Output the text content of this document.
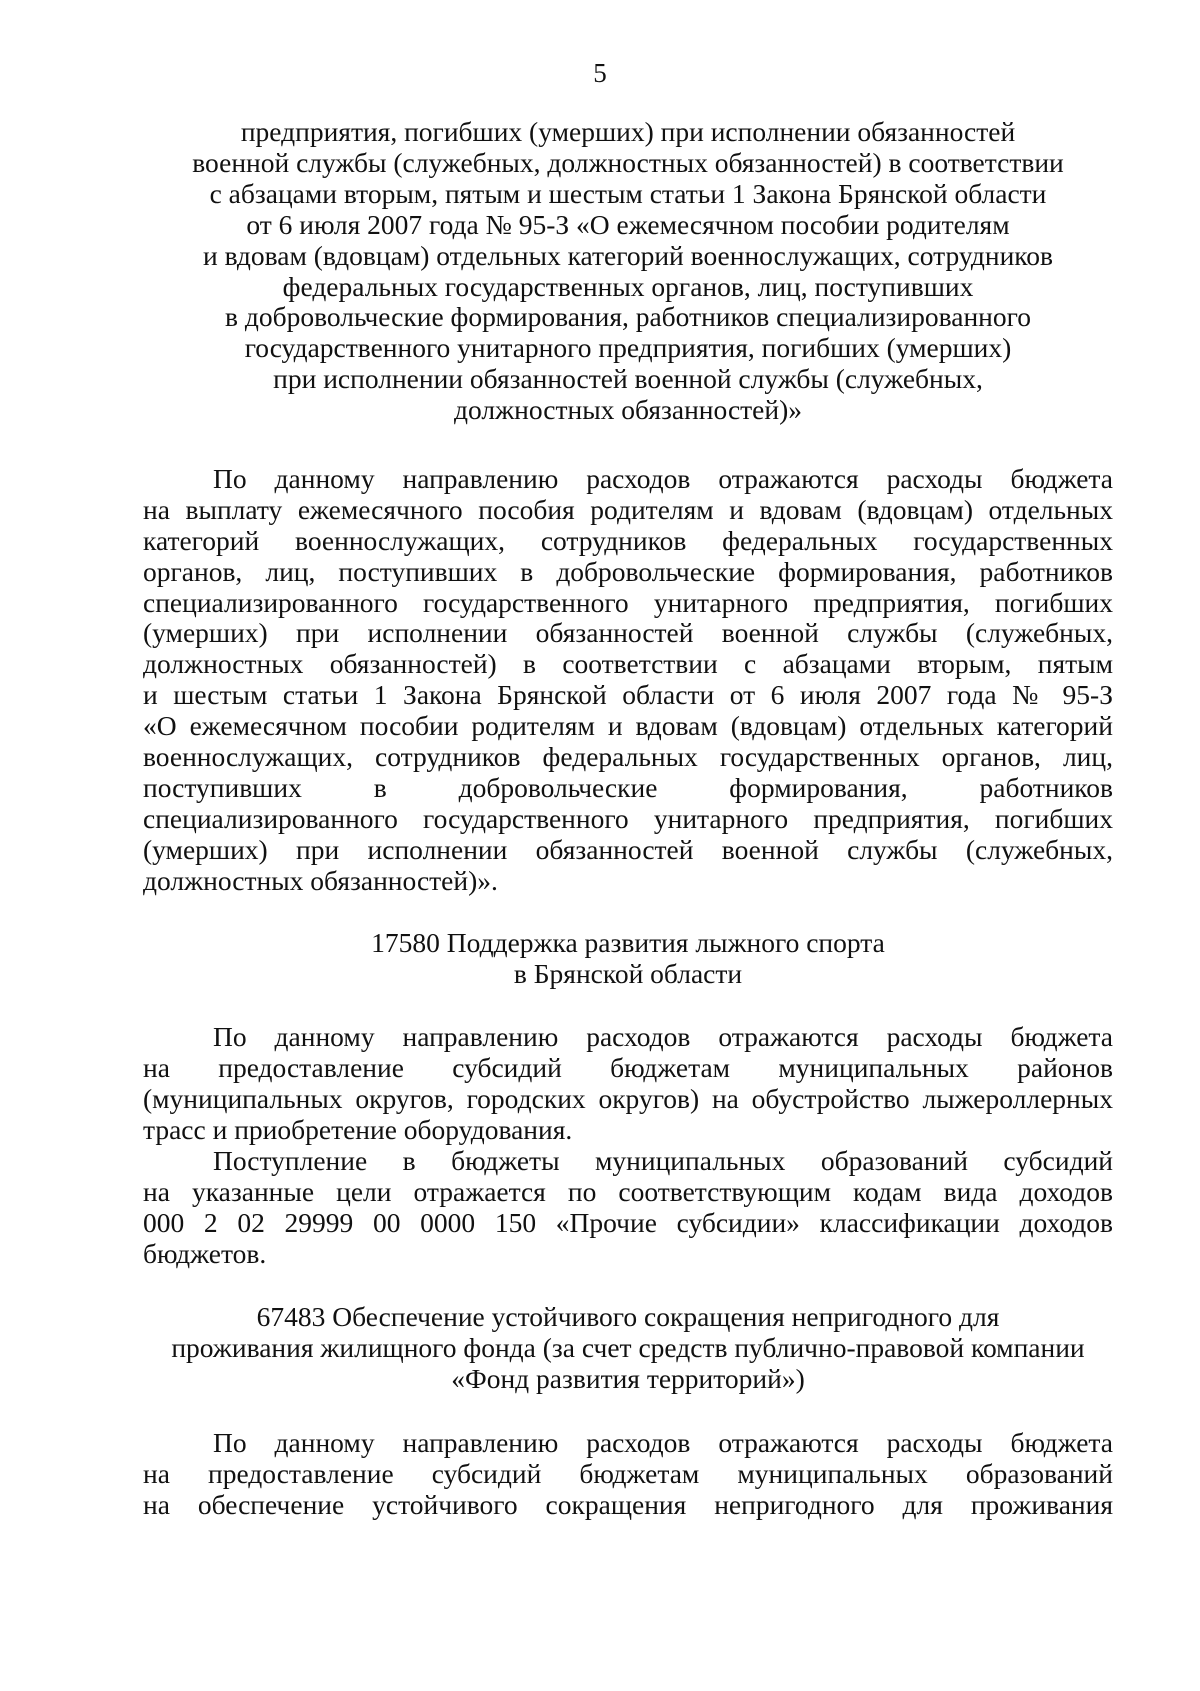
5
предприятия, погибших (умерших) при исполнении обязанностей
военной службы (служебных, должностных обязанностей) в соответствии
с абзацами вторым, пятым и шестым статьи 1 Закона Брянской области
от 6 июля 2007 года № 95-З «О ежемесячном пособии родителям
и вдовам (вдовцам) отдельных категорий военнослужащих, сотрудников
федеральных государственных органов, лиц, поступивших
в добровольческие формирования, работников специализированного
государственного унитарного предприятия, погибших (умерших)
при исполнении обязанностей военной службы (служебных,
должностных обязанностей)»
По данному направлению расходов отражаются расходы бюджета
на выплату ежемесячного пособия родителям и вдовам (вдовцам) отдельных
категорий военнослужащих, сотрудников федеральных государственных
органов, лиц, поступивших в добровольческие формирования, работников
специализированного государственного унитарного предприятия, погибших
(умерших) при исполнении обязанностей военной службы (служебных,
должностных обязанностей) в соответствии с абзацами вторым, пятым
и шестым статьи 1 Закона Брянской области от 6 июля 2007 года № 95-З
«О ежемесячном пособии родителям и вдовам (вдовцам) отдельных категорий
военнослужащих, сотрудников федеральных государственных органов, лиц,
поступивших в добровольческие формирования, работников
специализированного государственного унитарного предприятия, погибших
(умерших) при исполнении обязанностей военной службы (служебных,
должностных обязанностей)».
17580 Поддержка развития лыжного спорта
в Брянской области
По данному направлению расходов отражаются расходы бюджета
на предоставление субсидий бюджетам муниципальных районов
(муниципальных округов, городских округов) на обустройство лыжероллерных
трасс и приобретение оборудования.
Поступление в бюджеты муниципальных образований субсидий
на указанные цели отражается по соответствующим кодам вида доходов
000 2 02 29999 00 0000 150 «Прочие субсидии» классификации доходов
бюджетов.
67483 Обеспечение устойчивого сокращения непригодного для
проживания жилищного фонда (за счет средств публично-правовой компании
«Фонд развития территорий»)
По данному направлению расходов отражаются расходы бюджета
на предоставление субсидий бюджетам муниципальных образований
на обеспечение устойчивого сокращения непригодного для проживания
